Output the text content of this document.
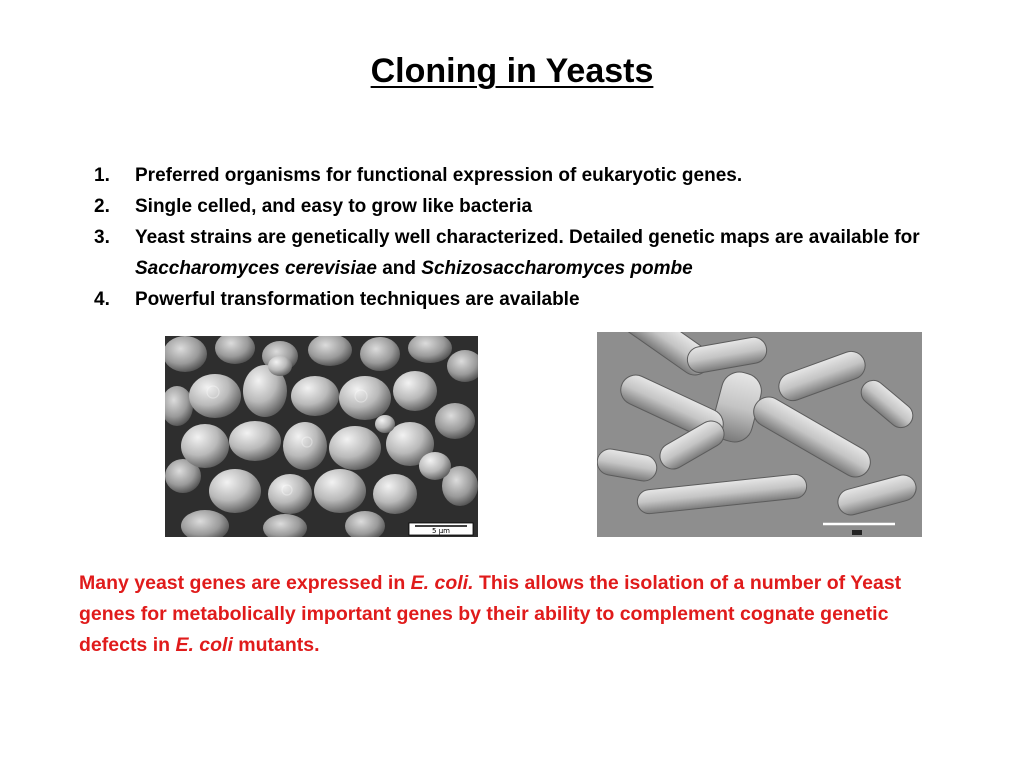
Cloning in Yeasts
1. Preferred organisms for functional expression of eukaryotic genes.
2. Single celled, and easy to grow like bacteria
3. Yeast strains are genetically well characterized. Detailed genetic maps are available for Saccharomyces cerevisiae and Schizosaccharomyces pombe
4. Powerful transformation techniques are available
5 µm
Many yeast genes are expressed in E. coli. This allows the isolation of a number of Yeast genes for metabolically important genes by their ability to complement cognate genetic defects in E. coli mutants.
